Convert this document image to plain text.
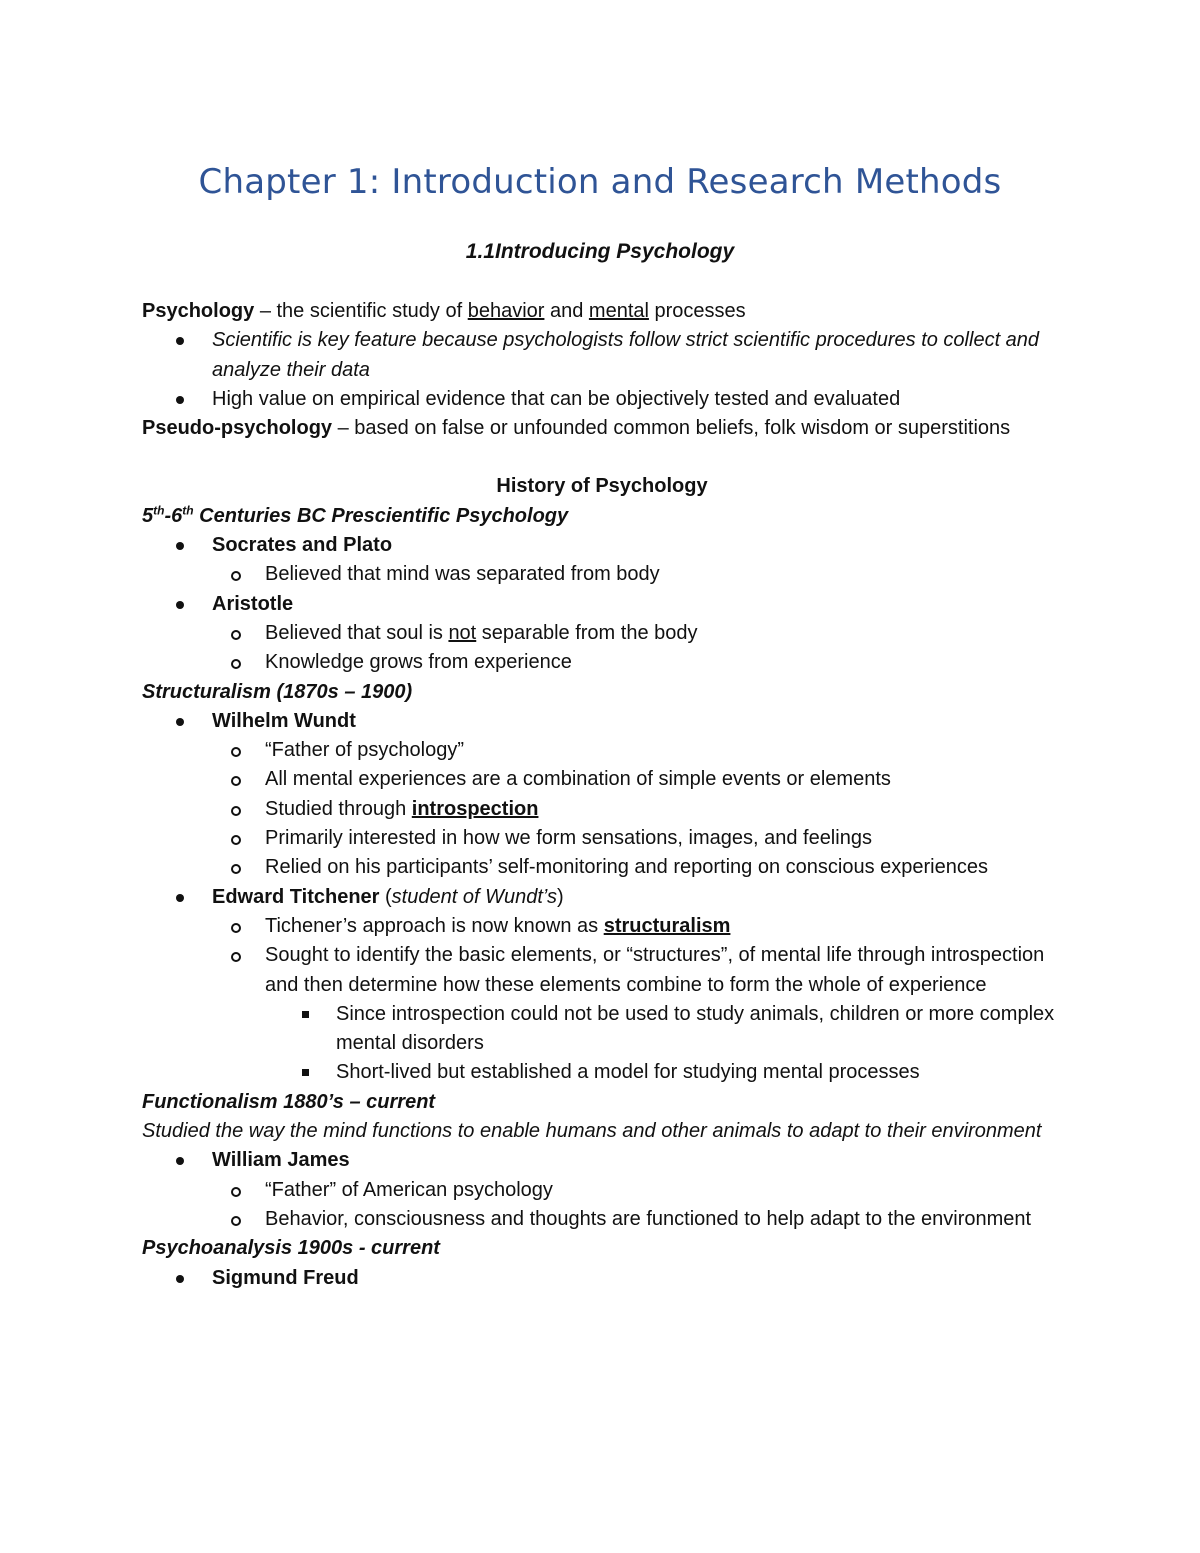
Chapter 1: Introduction and Research Methods
1.1Introducing Psychology

Psychology – the scientific study of behavior and mental processes

Scientific is key feature because psychologists follow strict scientific procedures to collect and analyze their data
High value on empirical evidence that can be objectively tested and evaluated

Pseudo-psychology – based on false or unfounded common beliefs, folk wisdom or superstitions

History of Psychology

5th-6th Centuries BC Prescientific Psychology

Socrates and Plato
Believed that mind was separated from body
Aristotle
Believed that soul is not separable from the body
Knowledge grows from experience

Structuralism (1870s – 1900)

Wilhelm Wundt
“Father of psychology”
All mental experiences are a combination of simple events or elements
Studied through introspection
Primarily interested in how we form sensations, images, and feelings
Relied on his participants’ self-monitoring and reporting on conscious experiences
Edward Titchener (student of Wundt’s)
Tichener’s approach is now known as structuralism
Sought to identify the basic elements, or “structures”, of mental life through introspection and then determine how these elements combine to form the whole of experience
Since introspection could not be used to study animals, children or more complex mental disorders
Short-lived but established a model for studying mental processes

Functionalism 1880’s – current

Studied the way the mind functions to enable humans and other animals to adapt to their environment

William James
“Father” of American psychology
Behavior, consciousness and thoughts are functioned to help adapt to the environment

Psychoanalysis 1900s - current

Sigmund Freud
